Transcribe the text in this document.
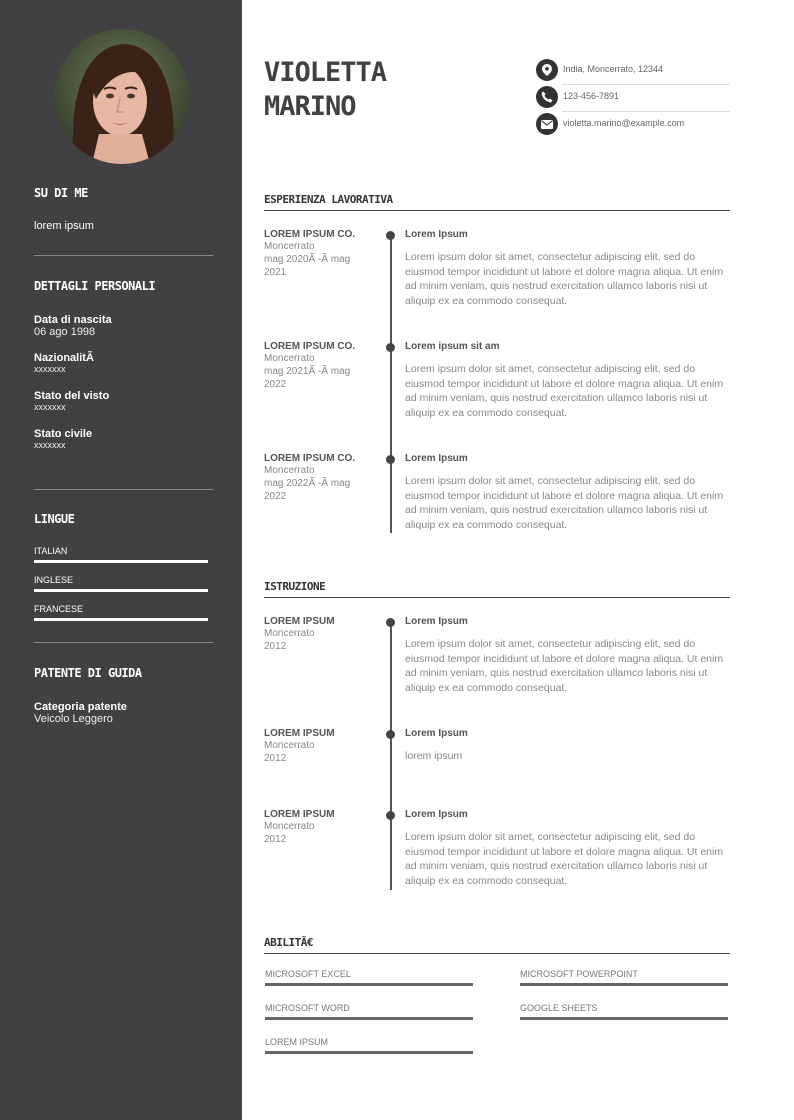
SU DI ME
lorem ipsum
DETTAGLI PERSONALI
Data di nascita
06 ago 1998
NazionalitÃ
xxxxxxx
Stato del visto
xxxxxxx
Stato civile
xxxxxxx
LINGUE
ITALIAN
INGLESE
FRANCESE
PATENTE DI GUIDA
Categoria patente
Veicolo Leggero
VIOLETTA
MARINO
India, Moncerrato, 12344
123-456-7891
violetta.marino@example.com
ESPERIENZA LAVORATIVA
LOREM IPSUM CO.
Moncerrato
mag 2020Ã -Ã mag 2021
Lorem Ipsum
Lorem ipsum dolor sit amet, consectetur adipiscing elit, sed do eiusmod tempor incididunt ut labore et dolore magna aliqua. Ut enim ad minim veniam, quis nostrud exercitation ullamco laboris nisi ut aliquip ex ea commodo consequat.
LOREM IPSUM CO.
Moncerrato
mag 2021Ã -Ã mag 2022
Lorem ipsum sit am
Lorem ipsum dolor sit amet, consectetur adipiscing elit, sed do eiusmod tempor incididunt ut labore et dolore magna aliqua. Ut enim ad minim veniam, quis nostrud exercitation ullamco laboris nisi ut aliquip ex ea commodo consequat.
LOREM IPSUM CO.
Moncerrato
mag 2022Ã -Ã mag 2022
Lorem Ipsum
Lorem ipsum dolor sit amet, consectetur adipiscing elit, sed do eiusmod tempor incididunt ut labore et dolore magna aliqua. Ut enim ad minim veniam, quis nostrud exercitation ullamco laboris nisi ut aliquip ex ea commodo consequat.
ISTRUZIONE
LOREM IPSUM
Moncerrato
2012
Lorem Ipsum
Lorem ipsum dolor sit amet, consectetur adipiscing elit, sed do eiusmod tempor incididunt ut labore et dolore magna aliqua. Ut enim ad minim veniam, quis nostrud exercitation ullamco laboris nisi ut aliquip ex ea commodo consequat.
LOREM IPSUM
Moncerrato
2012
Lorem Ipsum
lorem ipsum
LOREM IPSUM
Moncerrato
2012
Lorem Ipsum
Lorem ipsum dolor sit amet, consectetur adipiscing elit, sed do eiusmod tempor incididunt ut labore et dolore magna aliqua. Ut enim ad minim veniam, quis nostrud exercitation ullamco laboris nisi ut aliquip ex ea commodo consequat.
ABILITÃ€
MICROSOFT EXCEL	MICROSOFT POWERPOINT
MICROSOFT WORD	GOOGLE SHEETS
LOREM IPSUM
